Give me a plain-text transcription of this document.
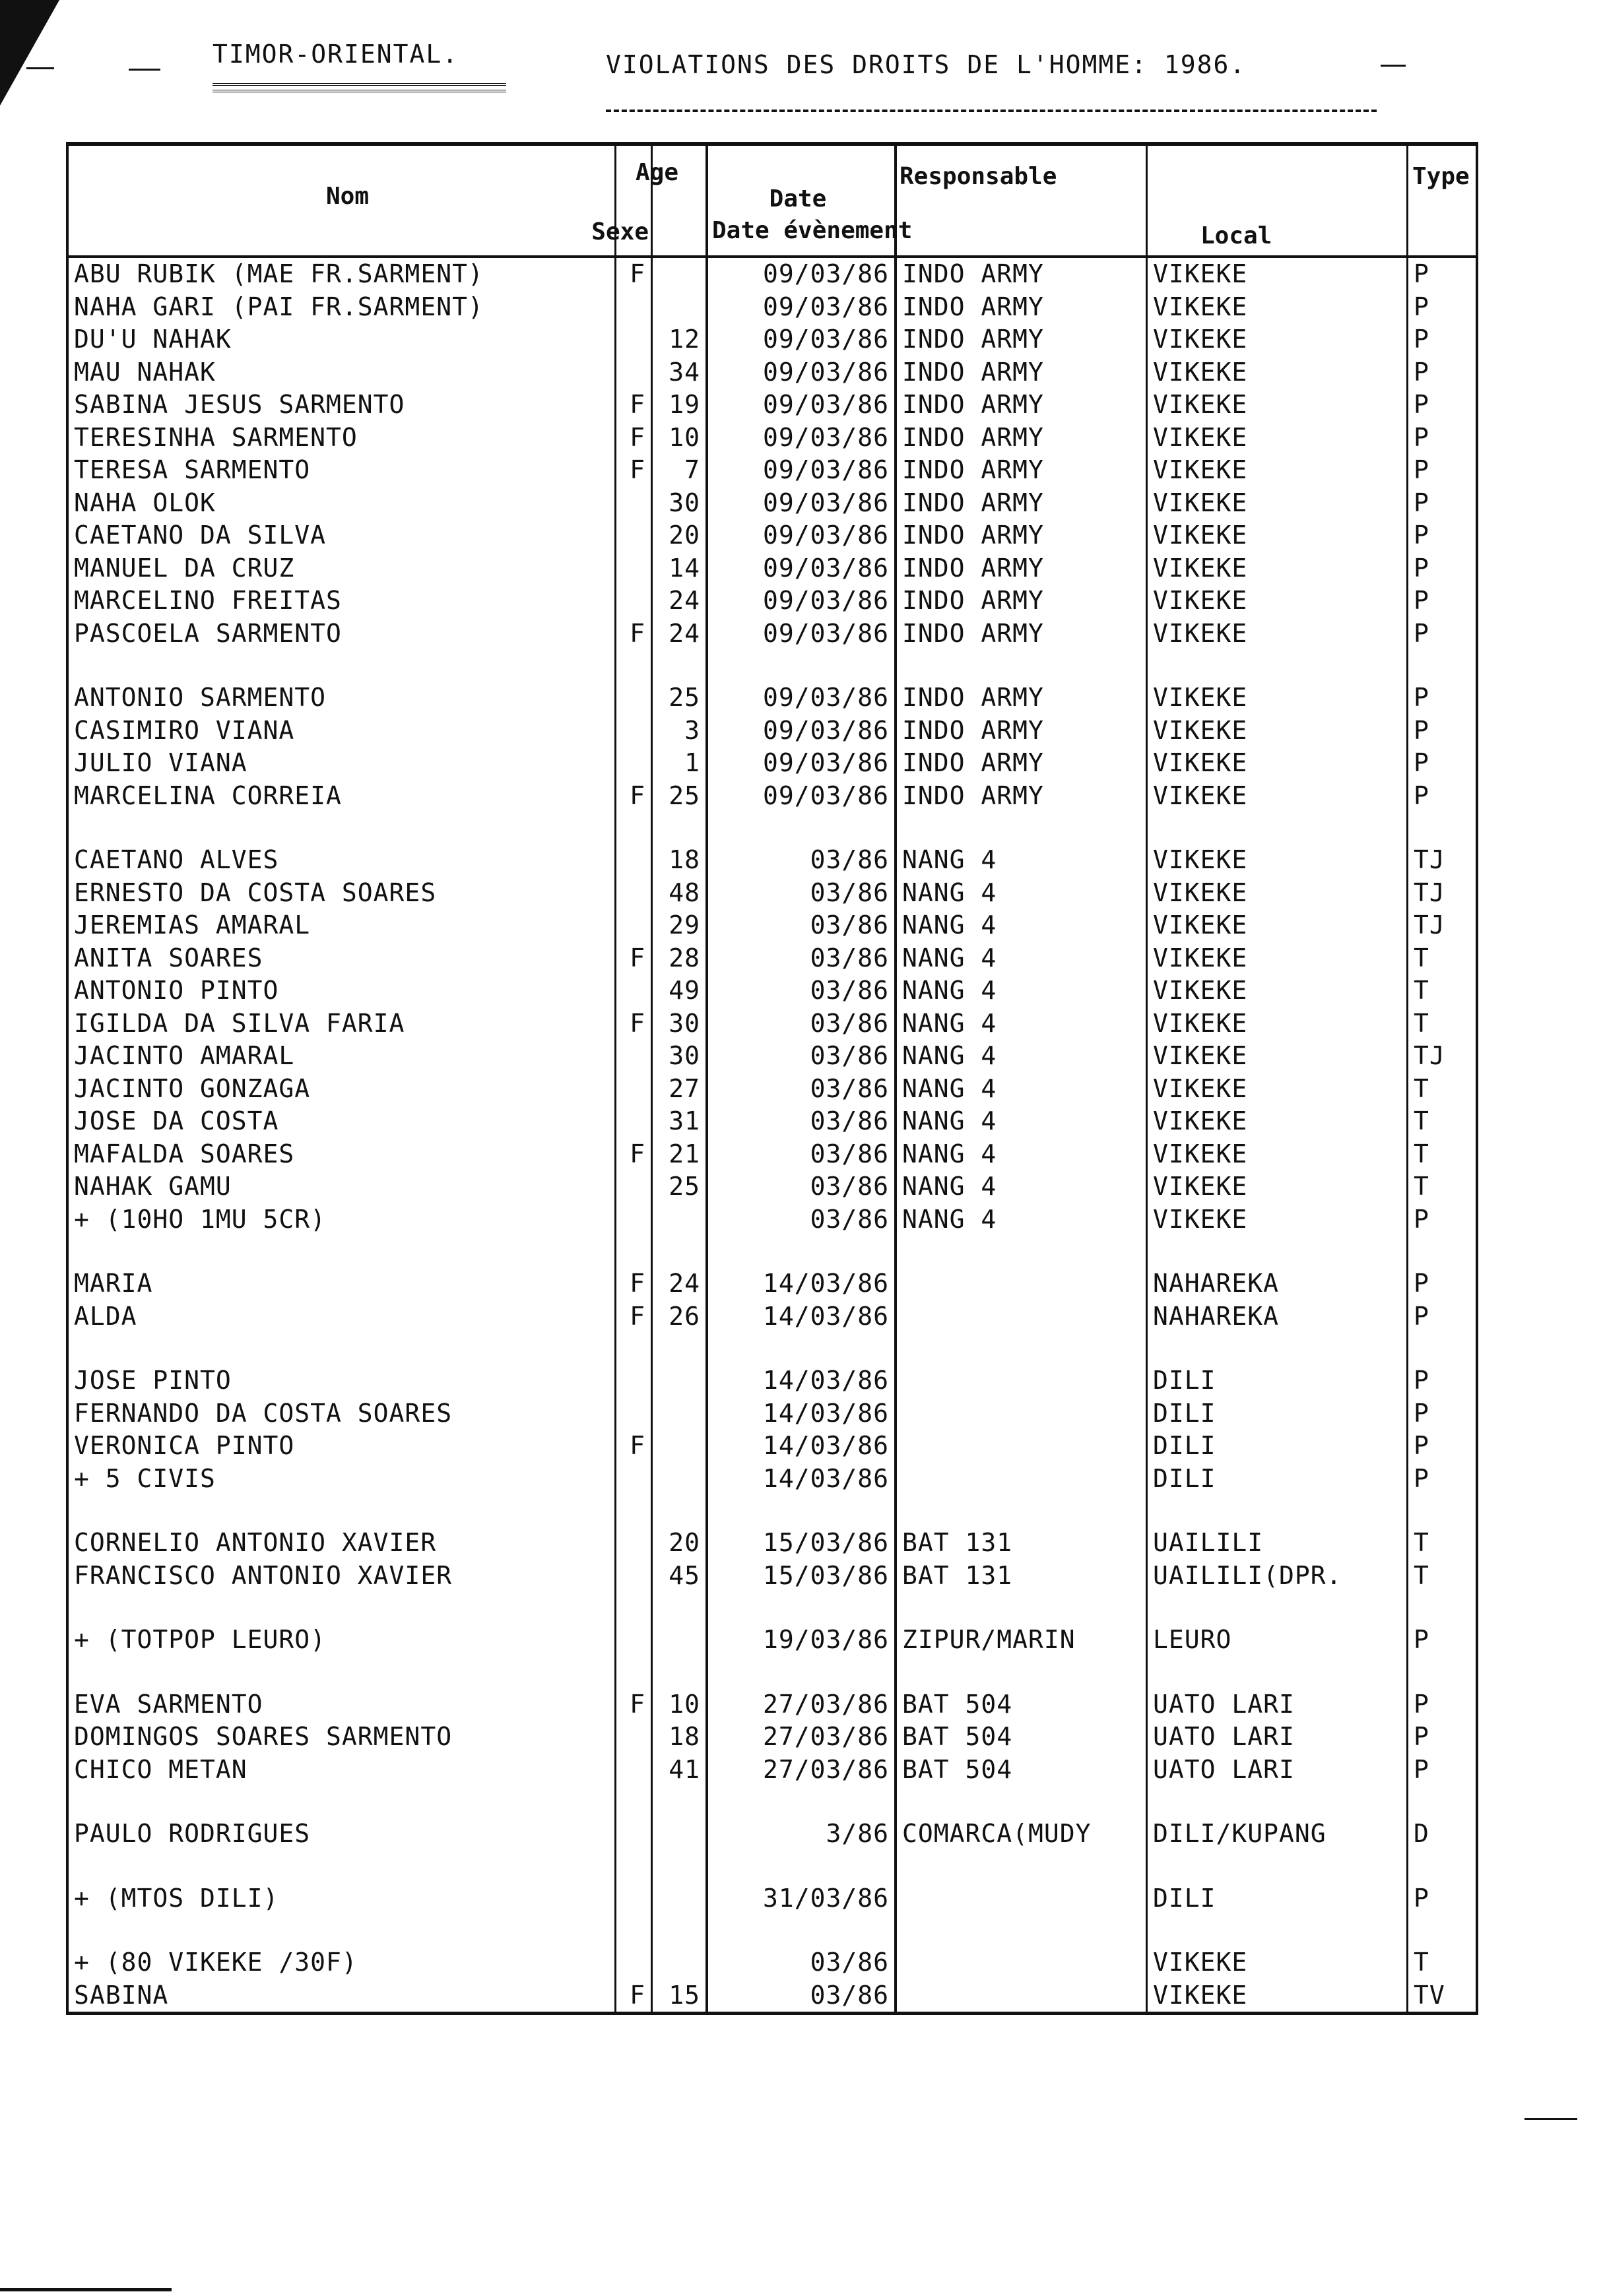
TIMOR-ORIENTAL.	VIOLATIONS DES DROITS DE L'HOMME: 1986.
Nom
Sexe		Age	Date
Date évènement	Responsable	Local	Type

ABU RUBIK (MAE FR.SARMENT)	F		09/03/86	INDO ARMY	VIKEKE	P
NAHA GARI (PAI FR.SARMENT)			09/03/86	INDO ARMY	VIKEKE	P
DU'U NAHAK		12	09/03/86	INDO ARMY	VIKEKE	P
MAU NAHAK		34	09/03/86	INDO ARMY	VIKEKE	P
SABINA JESUS SARMENTO	F	19	09/03/86	INDO ARMY	VIKEKE	P
TERESINHA SARMENTO	F	10	09/03/86	INDO ARMY	VIKEKE	P
TERESA SARMENTO	F	7	09/03/86	INDO ARMY	VIKEKE	P
NAHA OLOK		30	09/03/86	INDO ARMY	VIKEKE	P
CAETANO DA SILVA		20	09/03/86	INDO ARMY	VIKEKE	P
MANUEL DA CRUZ		14	09/03/86	INDO ARMY	VIKEKE	P
MARCELINO FREITAS		24	09/03/86	INDO ARMY	VIKEKE	P
PASCOELA SARMENTO	F	24	09/03/86	INDO ARMY	VIKEKE	P

ANTONIO SARMENTO		25	09/03/86	INDO ARMY	VIKEKE	P
CASIMIRO VIANA		3	09/03/86	INDO ARMY	VIKEKE	P
JULIO VIANA		1	09/03/86	INDO ARMY	VIKEKE	P
MARCELINA CORREIA	F	25	09/03/86	INDO ARMY	VIKEKE	P

CAETANO ALVES		18	03/86	NANG 4	VIKEKE	TJ
ERNESTO DA COSTA SOARES		48	03/86	NANG 4	VIKEKE	TJ
JEREMIAS AMARAL		29	03/86	NANG 4	VIKEKE	TJ
ANITA SOARES	F	28	03/86	NANG 4	VIKEKE	T
ANTONIO PINTO		49	03/86	NANG 4	VIKEKE	T
IGILDA DA SILVA FARIA	F	30	03/86	NANG 4	VIKEKE	T
JACINTO AMARAL		30	03/86	NANG 4	VIKEKE	TJ
JACINTO GONZAGA		27	03/86	NANG 4	VIKEKE	T
JOSE DA COSTA		31	03/86	NANG 4	VIKEKE	T
MAFALDA SOARES	F	21	03/86	NANG 4	VIKEKE	T
NAHAK GAMU		25	03/86	NANG 4	VIKEKE	T
+ (10HO 1MU 5CR)			03/86	NANG 4	VIKEKE	P

MARIA	F	24	14/03/86		NAHAREKA	P
ALDA	F	26	14/03/86		NAHAREKA	P

JOSE PINTO			14/03/86		DILI	P
FERNANDO DA COSTA SOARES			14/03/86		DILI	P
VERONICA PINTO	F		14/03/86		DILI	P
+ 5 CIVIS			14/03/86		DILI	P

CORNELIO ANTONIO XAVIER		20	15/03/86	BAT 131	UAILILI	T
FRANCISCO ANTONIO XAVIER		45	15/03/86	BAT 131	UAILILI(DPR.	T

+ (TOTPOP LEURO)			19/03/86	ZIPUR/MARIN	LEURO	P

EVA SARMENTO	F	10	27/03/86	BAT 504	UATO LARI	P
DOMINGOS SOARES SARMENTO		18	27/03/86	BAT 504	UATO LARI	P
CHICO METAN		41	27/03/86	BAT 504	UATO LARI	P

PAULO RODRIGUES			3/86	COMARCA(MUDY	DILI/KUPANG	D

+ (MTOS DILI)			31/03/86		DILI	P

+ (80 VIKEKE /30F)			03/86		VIKEKE	T
SABINA	F	15	03/86		VIKEKE	TV
